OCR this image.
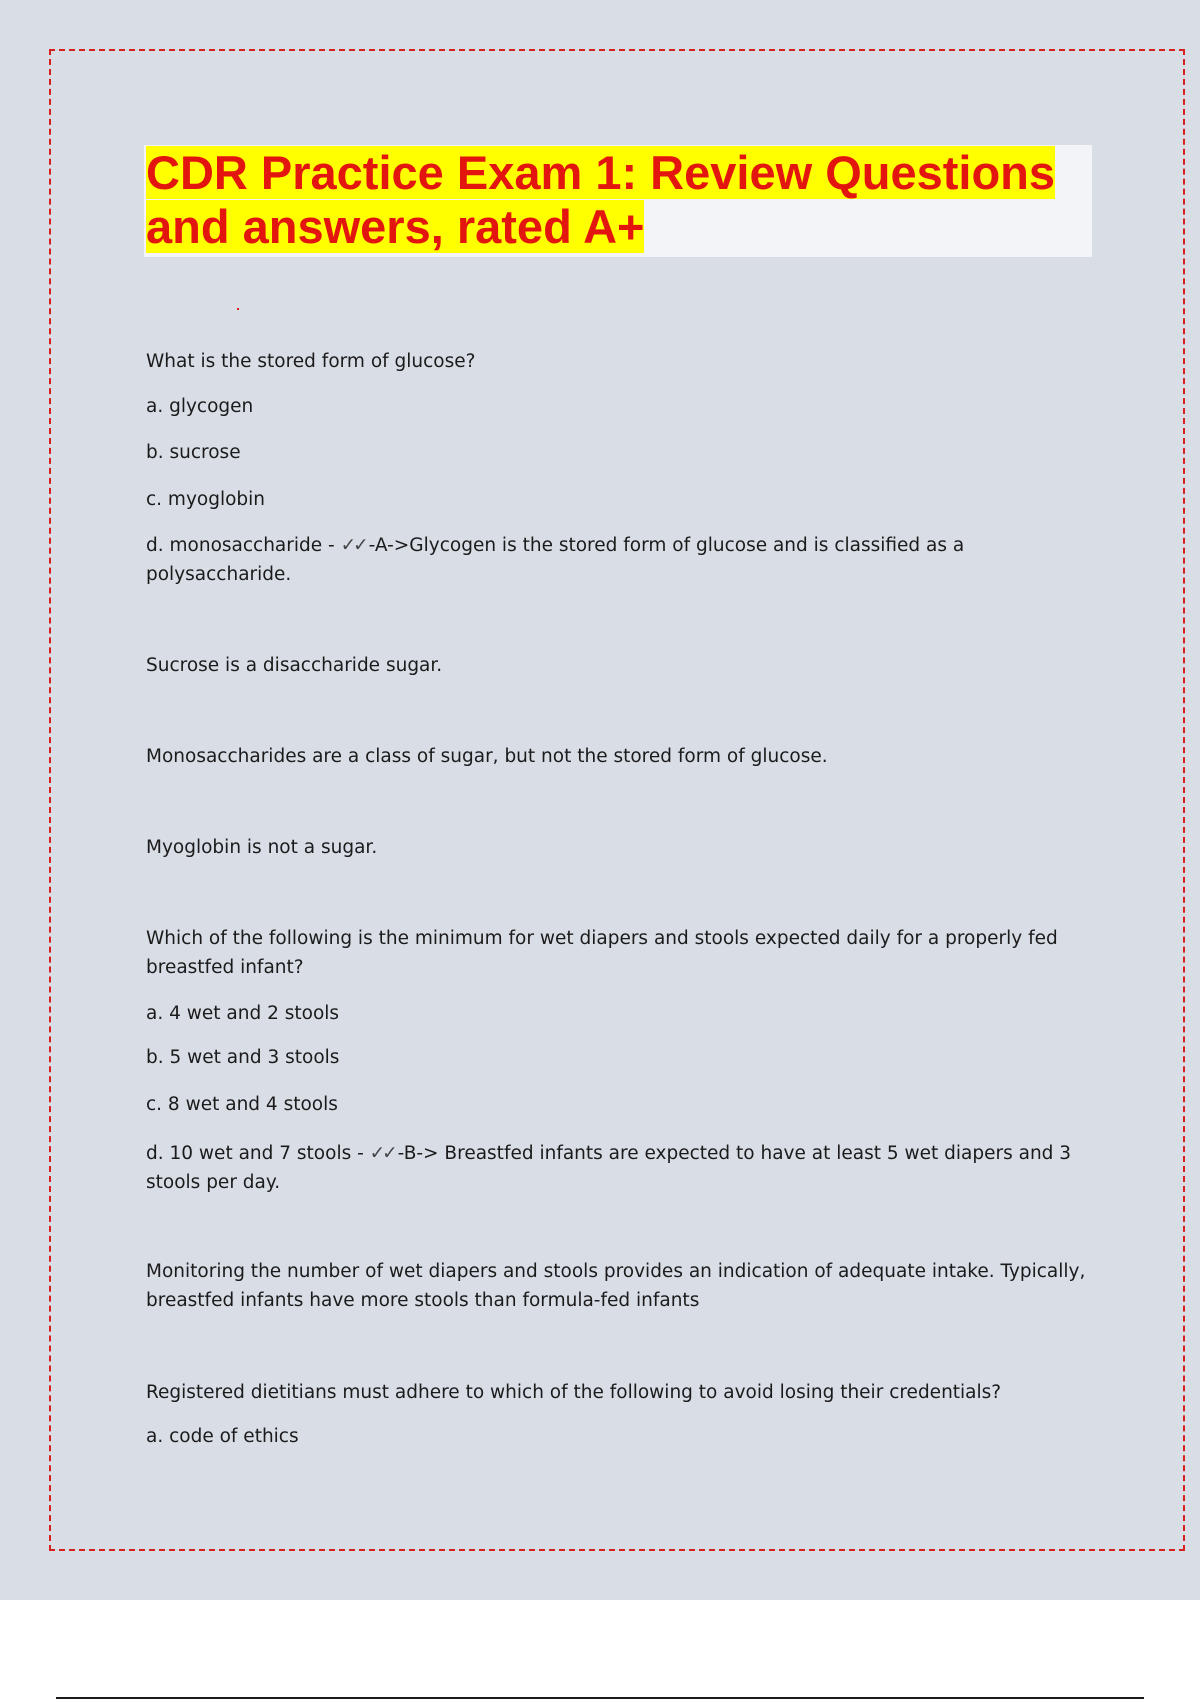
CDR Practice Exam 1: Review Questions and answers, rated A+

What is the stored form of glucose?

a. glycogen

b. sucrose

c. myoglobin

d. monosaccharide - ✓✓ -A->Glycogen is the stored form of glucose and is classified as a polysaccharide.

Sucrose is a disaccharide sugar.

Monosaccharides are a class of sugar, but not the stored form of glucose.

Myoglobin is not a sugar.

Which of the following is the minimum for wet diapers and stools expected daily for a properly fed breastfed infant?

a. 4 wet and 2 stools

b. 5 wet and 3 stools

c. 8 wet and 4 stools

d. 10 wet and 7 stools - ✓✓ -B-> Breastfed infants are expected to have at least 5 wet diapers and 3 stools per day.

Monitoring the number of wet diapers and stools provides an indication of adequate intake. Typically, breastfed infants have more stools than formula-fed infants

Registered dietitians must adhere to which of the following to avoid losing their credentials?

a. code of ethics
